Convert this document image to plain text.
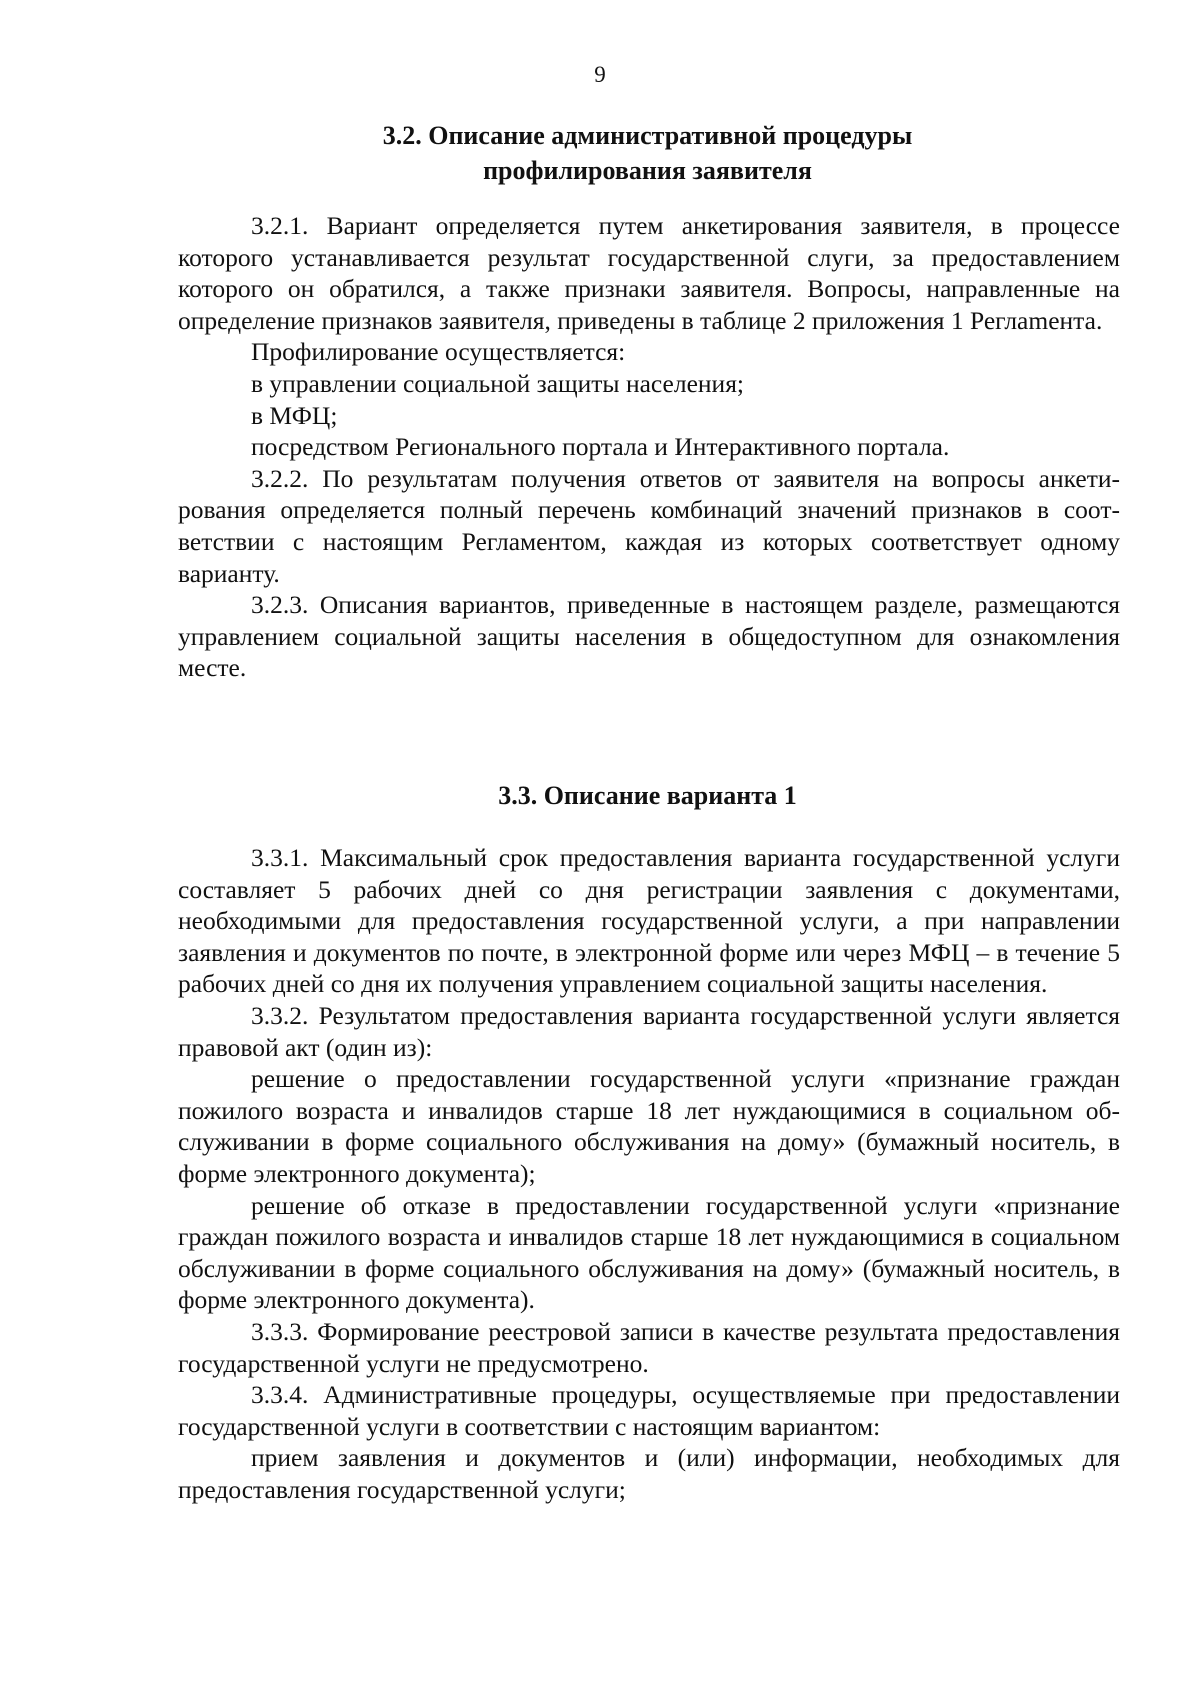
9
3.2. Описание административной процедуры
профилирования заявителя

3.2.1. Вариант определяется путем анкетирования заявителя, в процессе которого устанавливается результат государственной слуги, за предоставлением которого он обратился, а также признаки заявителя. Вопросы, направленные на определение признаков заявителя, приведены в таблице 2 приложения 1 Реглаmента.

Профилирование осуществляется:

в управлении социальной защиты населения;

в МФЦ;

посредством Регионального портала и Интерактивного портала.

3.2.2. По результатам получения ответов от заявителя на вопросы анкетирования определяется полный перечень комбинаций значений признаков в соответствии с настоящим Регламентом, каждая из которых соответствует одному варианту.

3.2.3. Описания вариантов, приведенные в настоящем разделе, размещаются управлением социальной защиты населения в общедоступном для ознакомления месте.

3.3. Описание варианта 1

3.3.1. Максимальный срок предоставления варианта государственной услуги составляет 5 рабочих дней со дня регистрации заявления с документами, необходимыми для предоставления государственной услуги, а при направлении заявления и документов по почте, в электронной форме или через МФЦ – в течение 5 рабочих дней со дня их получения управлением социальной защиты населения.

3.3.2. Результатом предоставления варианта государственной услуги является правовой акт (один из):

решение о предоставлении государственной услуги «признание граждан пожилого возраста и инвалидов старше 18 лет нуждающимися в социальном обслуживании в форме социального обслуживания на дому» (бумажный носитель, в форме электронного документа);

решение об отказе в предоставлении государственной услуги «признание граждан пожилого возраста и инвалидов старше 18 лет нуждающимися в социальном обслуживании в форме социального обслуживания на дому» (бумажный носитель, в форме электронного документа).

3.3.3. Формирование реестровой записи в качестве результата предоставления государственной услуги не предусмотрено.

3.3.4. Административные процедуры, осуществляемые при предоставлении государственной услуги в соответствии с настоящим вариантом:

прием заявления и документов и (или) информации, необходимых для предоставления государственной услуги;
